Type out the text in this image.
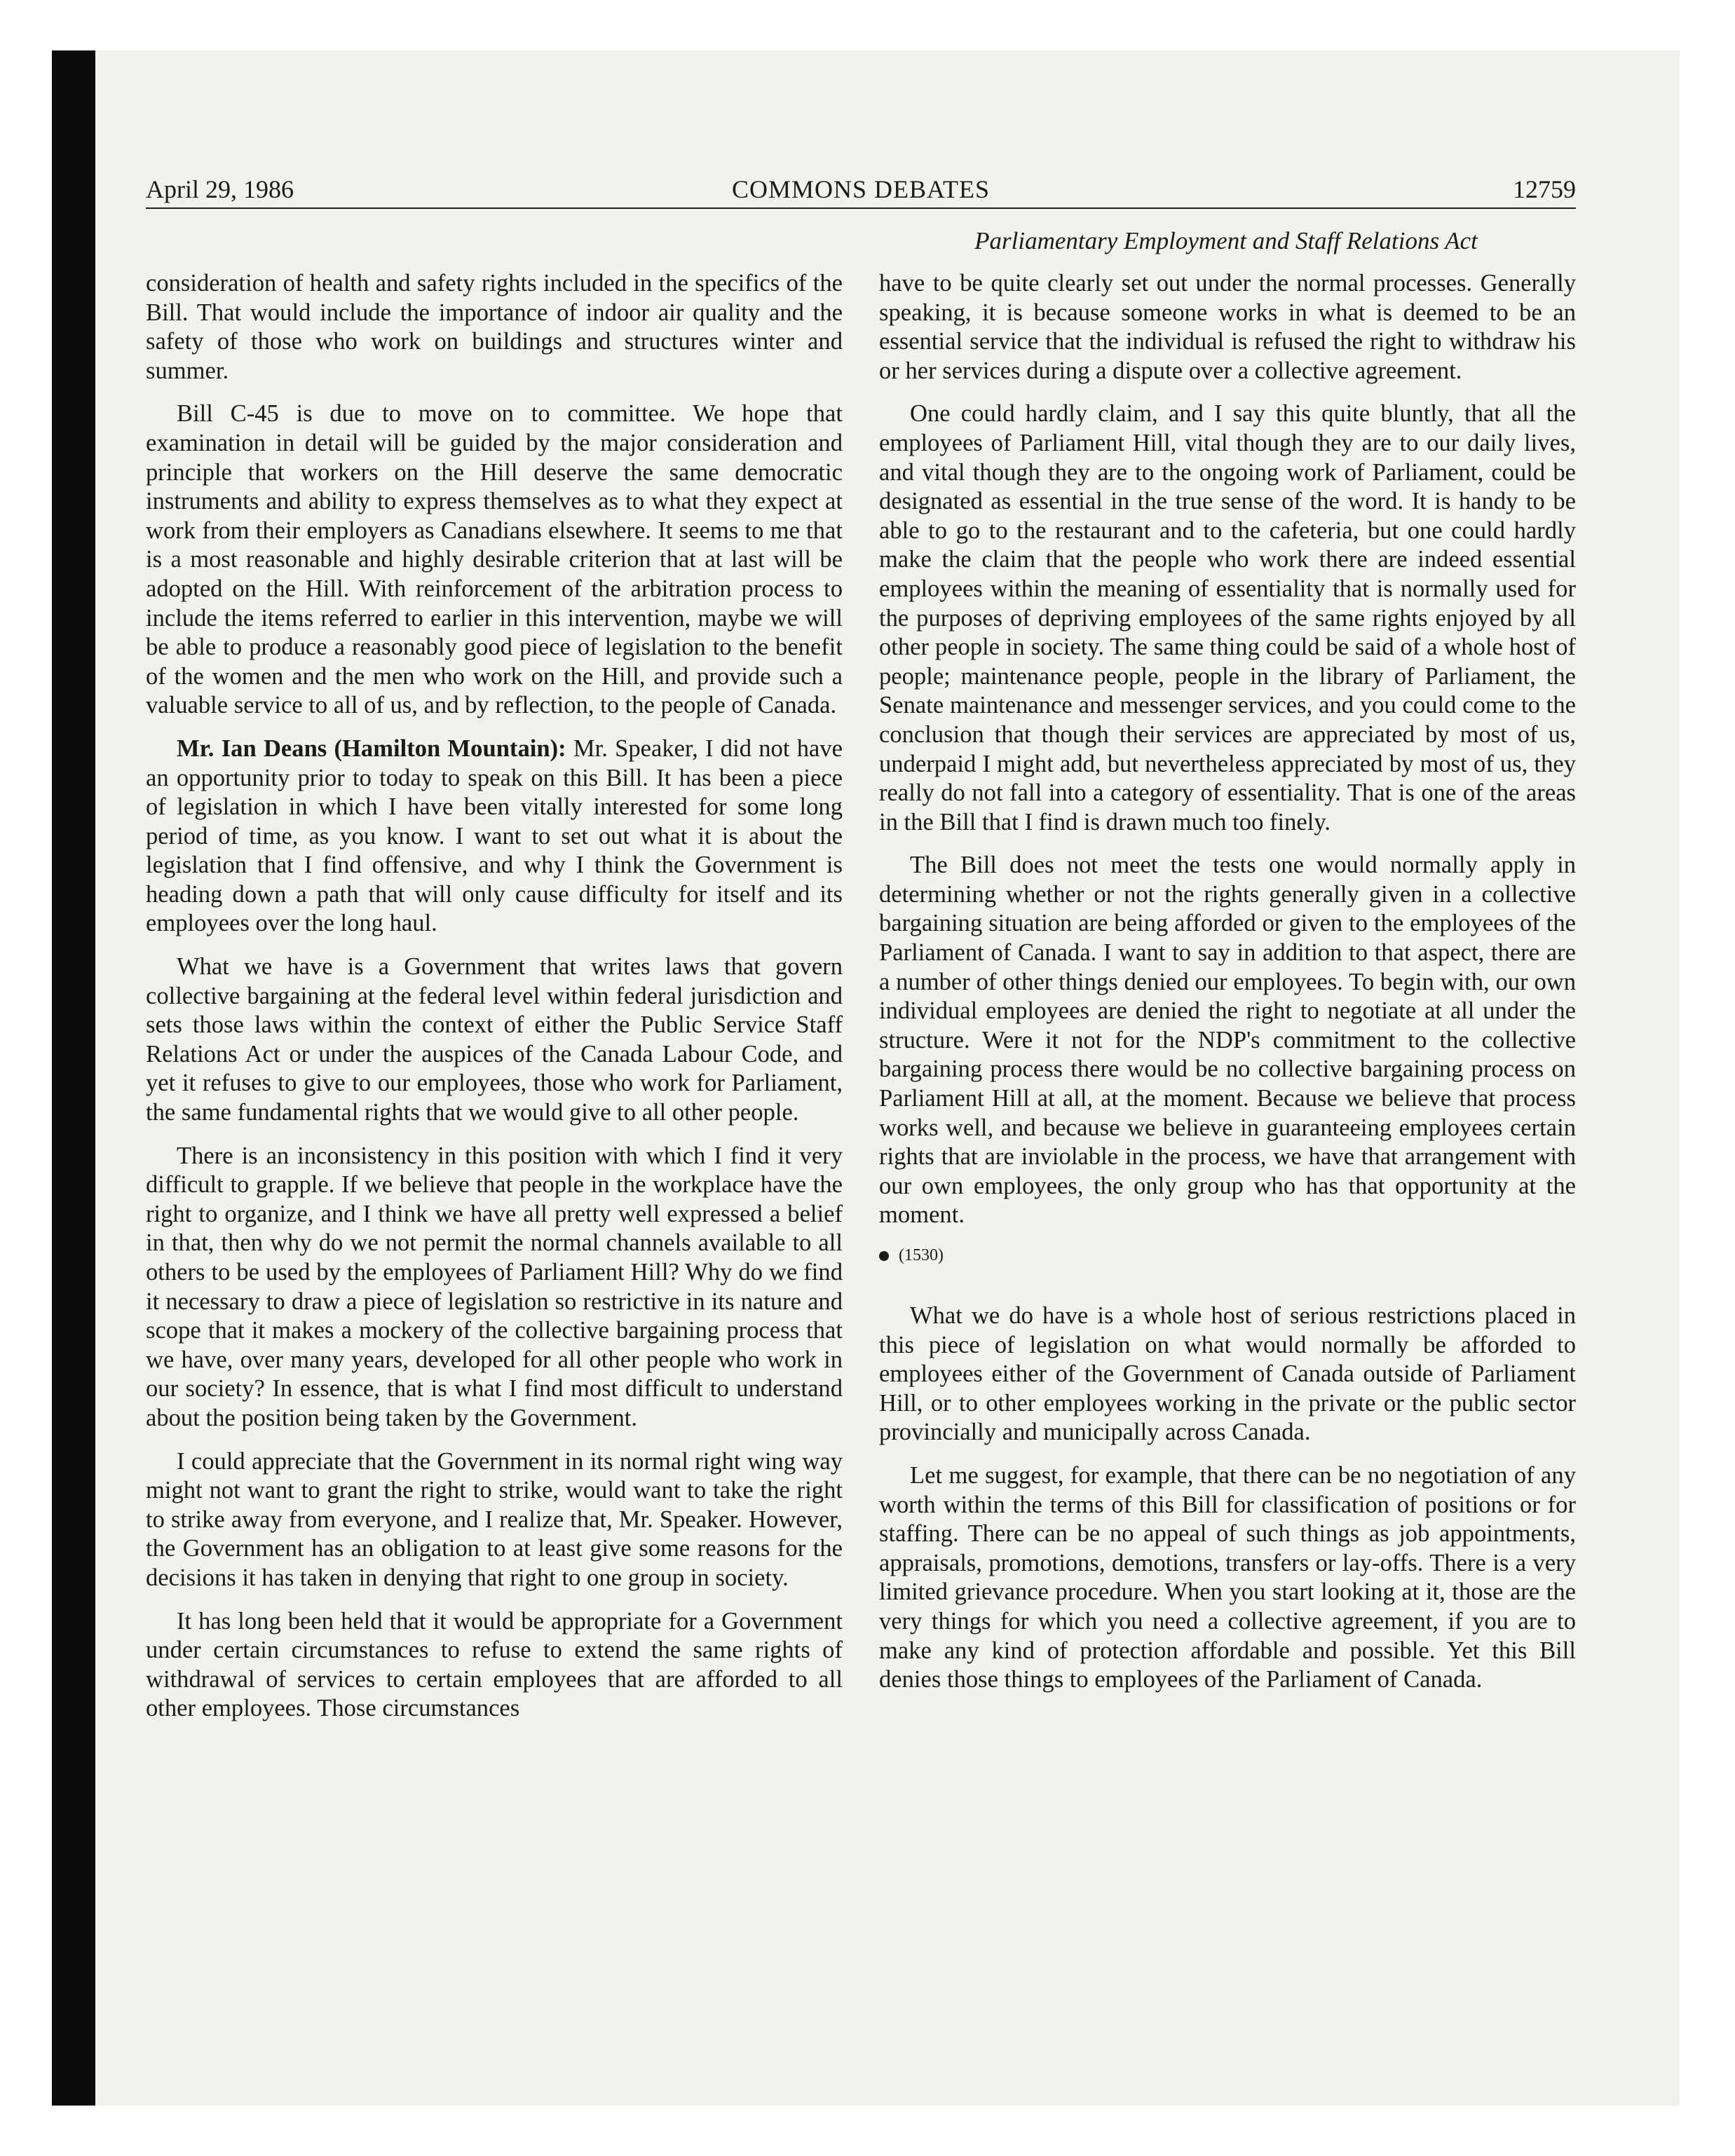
April 29, 1986	COMMONS DEBATES	12759
Parliamentary Employment and Staff Relations Act

consideration of health and safety rights included in the specifics of the Bill. That would include the importance of indoor air quality and the safety of those who work on buildings and structures winter and summer.

Bill C-45 is due to move on to committee. We hope that examination in detail will be guided by the major consideration and principle that workers on the Hill deserve the same democratic instruments and ability to express themselves as to what they expect at work from their employers as Canadians elsewhere. It seems to me that is a most reasonable and highly desirable criterion that at last will be adopted on the Hill. With reinforcement of the arbitration process to include the items referred to earlier in this intervention, maybe we will be able to produce a reasonably good piece of legislation to the benefit of the women and the men who work on the Hill, and provide such a valuable service to all of us, and by reflection, to the people of Canada.

Mr. Ian Deans (Hamilton Mountain): Mr. Speaker, I did not have an opportunity prior to today to speak on this Bill. It has been a piece of legislation in which I have been vitally interested for some long period of time, as you know. I want to set out what it is about the legislation that I find offensive, and why I think the Government is heading down a path that will only cause difficulty for itself and its employees over the long haul.

What we have is a Government that writes laws that govern collective bargaining at the federal level within federal jurisdiction and sets those laws within the context of either the Public Service Staff Relations Act or under the auspices of the Canada Labour Code, and yet it refuses to give to our employees, those who work for Parliament, the same fundamental rights that we would give to all other people.

There is an inconsistency in this position with which I find it very difficult to grapple. If we believe that people in the workplace have the right to organize, and I think we have all pretty well expressed a belief in that, then why do we not permit the normal channels available to all others to be used by the employees of Parliament Hill? Why do we find it necessary to draw a piece of legislation so restrictive in its nature and scope that it makes a mockery of the collective bargaining process that we have, over many years, developed for all other people who work in our society? In essence, that is what I find most difficult to understand about the position being taken by the Government.

I could appreciate that the Government in its normal right wing way might not want to grant the right to strike, would want to take the right to strike away from everyone, and I realize that, Mr. Speaker. However, the Government has an obligation to at least give some reasons for the decisions it has taken in denying that right to one group in society.

It has long been held that it would be appropriate for a Government under certain circumstances to refuse to extend the same rights of withdrawal of services to certain employees that are afforded to all other employees. Those circumstances

have to be quite clearly set out under the normal processes. Generally speaking, it is because someone works in what is deemed to be an essential service that the individual is refused the right to withdraw his or her services during a dispute over a collective agreement.

One could hardly claim, and I say this quite bluntly, that all the employees of Parliament Hill, vital though they are to our daily lives, and vital though they are to the ongoing work of Parliament, could be designated as essential in the true sense of the word. It is handy to be able to go to the restaurant and to the cafeteria, but one could hardly make the claim that the people who work there are indeed essential employees within the meaning of essentiality that is normally used for the purposes of depriving employees of the same rights enjoyed by all other people in society. The same thing could be said of a whole host of people; maintenance people, people in the library of Parliament, the Senate maintenance and messenger services, and you could come to the conclusion that though their services are appreciated by most of us, underpaid I might add, but nevertheless appreciated by most of us, they really do not fall into a category of essentiality. That is one of the areas in the Bill that I find is drawn much too finely.

The Bill does not meet the tests one would normally apply in determining whether or not the rights generally given in a collective bargaining situation are being afforded or given to the employees of the Parliament of Canada. I want to say in addition to that aspect, there are a number of other things denied our employees. To begin with, our own individual employees are denied the right to negotiate at all under the structure. Were it not for the NDP's commitment to the collective bargaining process there would be no collective bargaining process on Parliament Hill at all, at the moment. Because we believe that process works well, and because we believe in guaranteeing employees certain rights that are inviolable in the process, we have that arrangement with our own employees, the only group who has that opportunity at the moment.

(1530)

What we do have is a whole host of serious restrictions placed in this piece of legislation on what would normally be afforded to employees either of the Government of Canada outside of Parliament Hill, or to other employees working in the private or the public sector provincially and municipally across Canada.

Let me suggest, for example, that there can be no negotiation of any worth within the terms of this Bill for classification of positions or for staffing. There can be no appeal of such things as job appointments, appraisals, promotions, demotions, transfers or lay-offs. There is a very limited grievance procedure. When you start looking at it, those are the very things for which you need a collective agreement, if you are to make any kind of protection affordable and possible. Yet this Bill denies those things to employees of the Parliament of Canada.
